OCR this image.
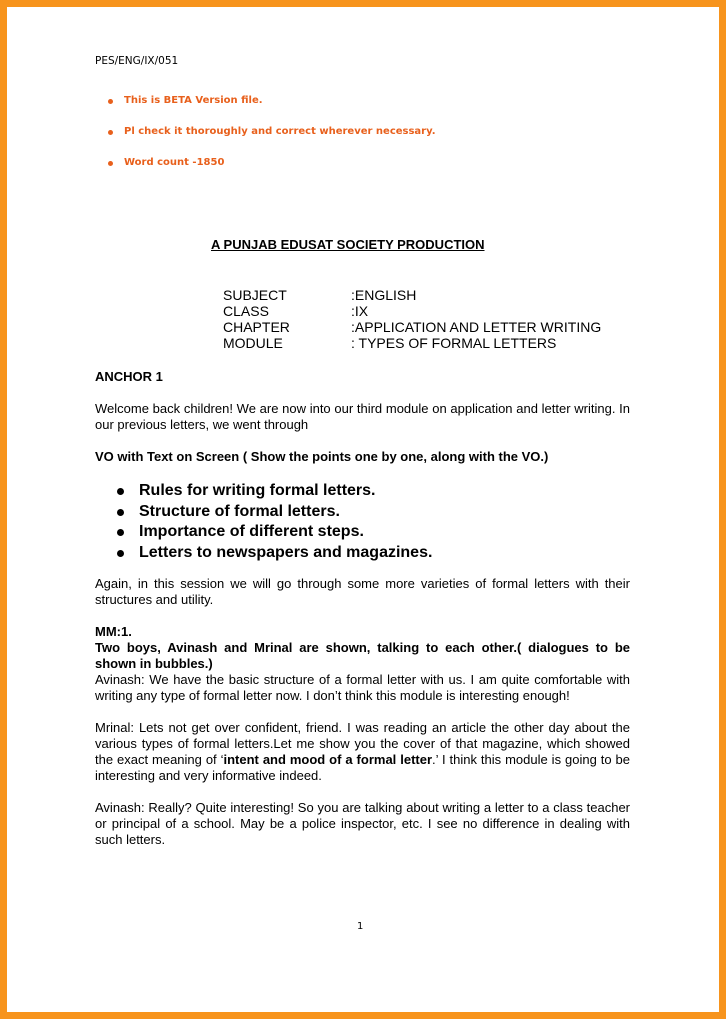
PES/ENG/IX/051
This is BETA Version file.
Pl check it thoroughly and correct wherever necessary.
Word count -1850
A PUNJAB EDUSAT SOCIETY PRODUCTION
SUBJECT	:ENGLISH
CLASS	:IX
CHAPTER	:APPLICATION AND LETTER WRITING
MODULE	: TYPES OF FORMAL LETTERS

ANCHOR 1

Welcome back children! We are now into our third module on application and letter writing. In our previous letters, we went through

VO with Text on Screen ( Show the points one by one, along with the VO.)

Rules for writing formal letters.
Structure of formal letters.
Importance of different steps.
Letters to newspapers and magazines.

Again, in this session we will go through some more varieties of formal letters with their structures and utility.

MM:1.
Two boys, Avinash and Mrinal are shown, talking to each other.( dialogues to be shown in bubbles.)

Avinash: We have the basic structure of a formal letter with us. I am quite comfortable with writing any type of formal letter now. I don’t think this module is interesting enough!

Mrinal: Lets not get over confident, friend. I was reading an article the other day about the various types of formal letters.Let me show you the cover of that magazine, which showed the exact meaning of ‘intent and mood of a formal letter.’ I think this module is going to be interesting and very informative indeed.

Avinash: Really? Quite interesting! So you are talking about writing a letter to a class teacher or principal of a school. May be a police inspector, etc. I see no difference in dealing with such letters.

1
